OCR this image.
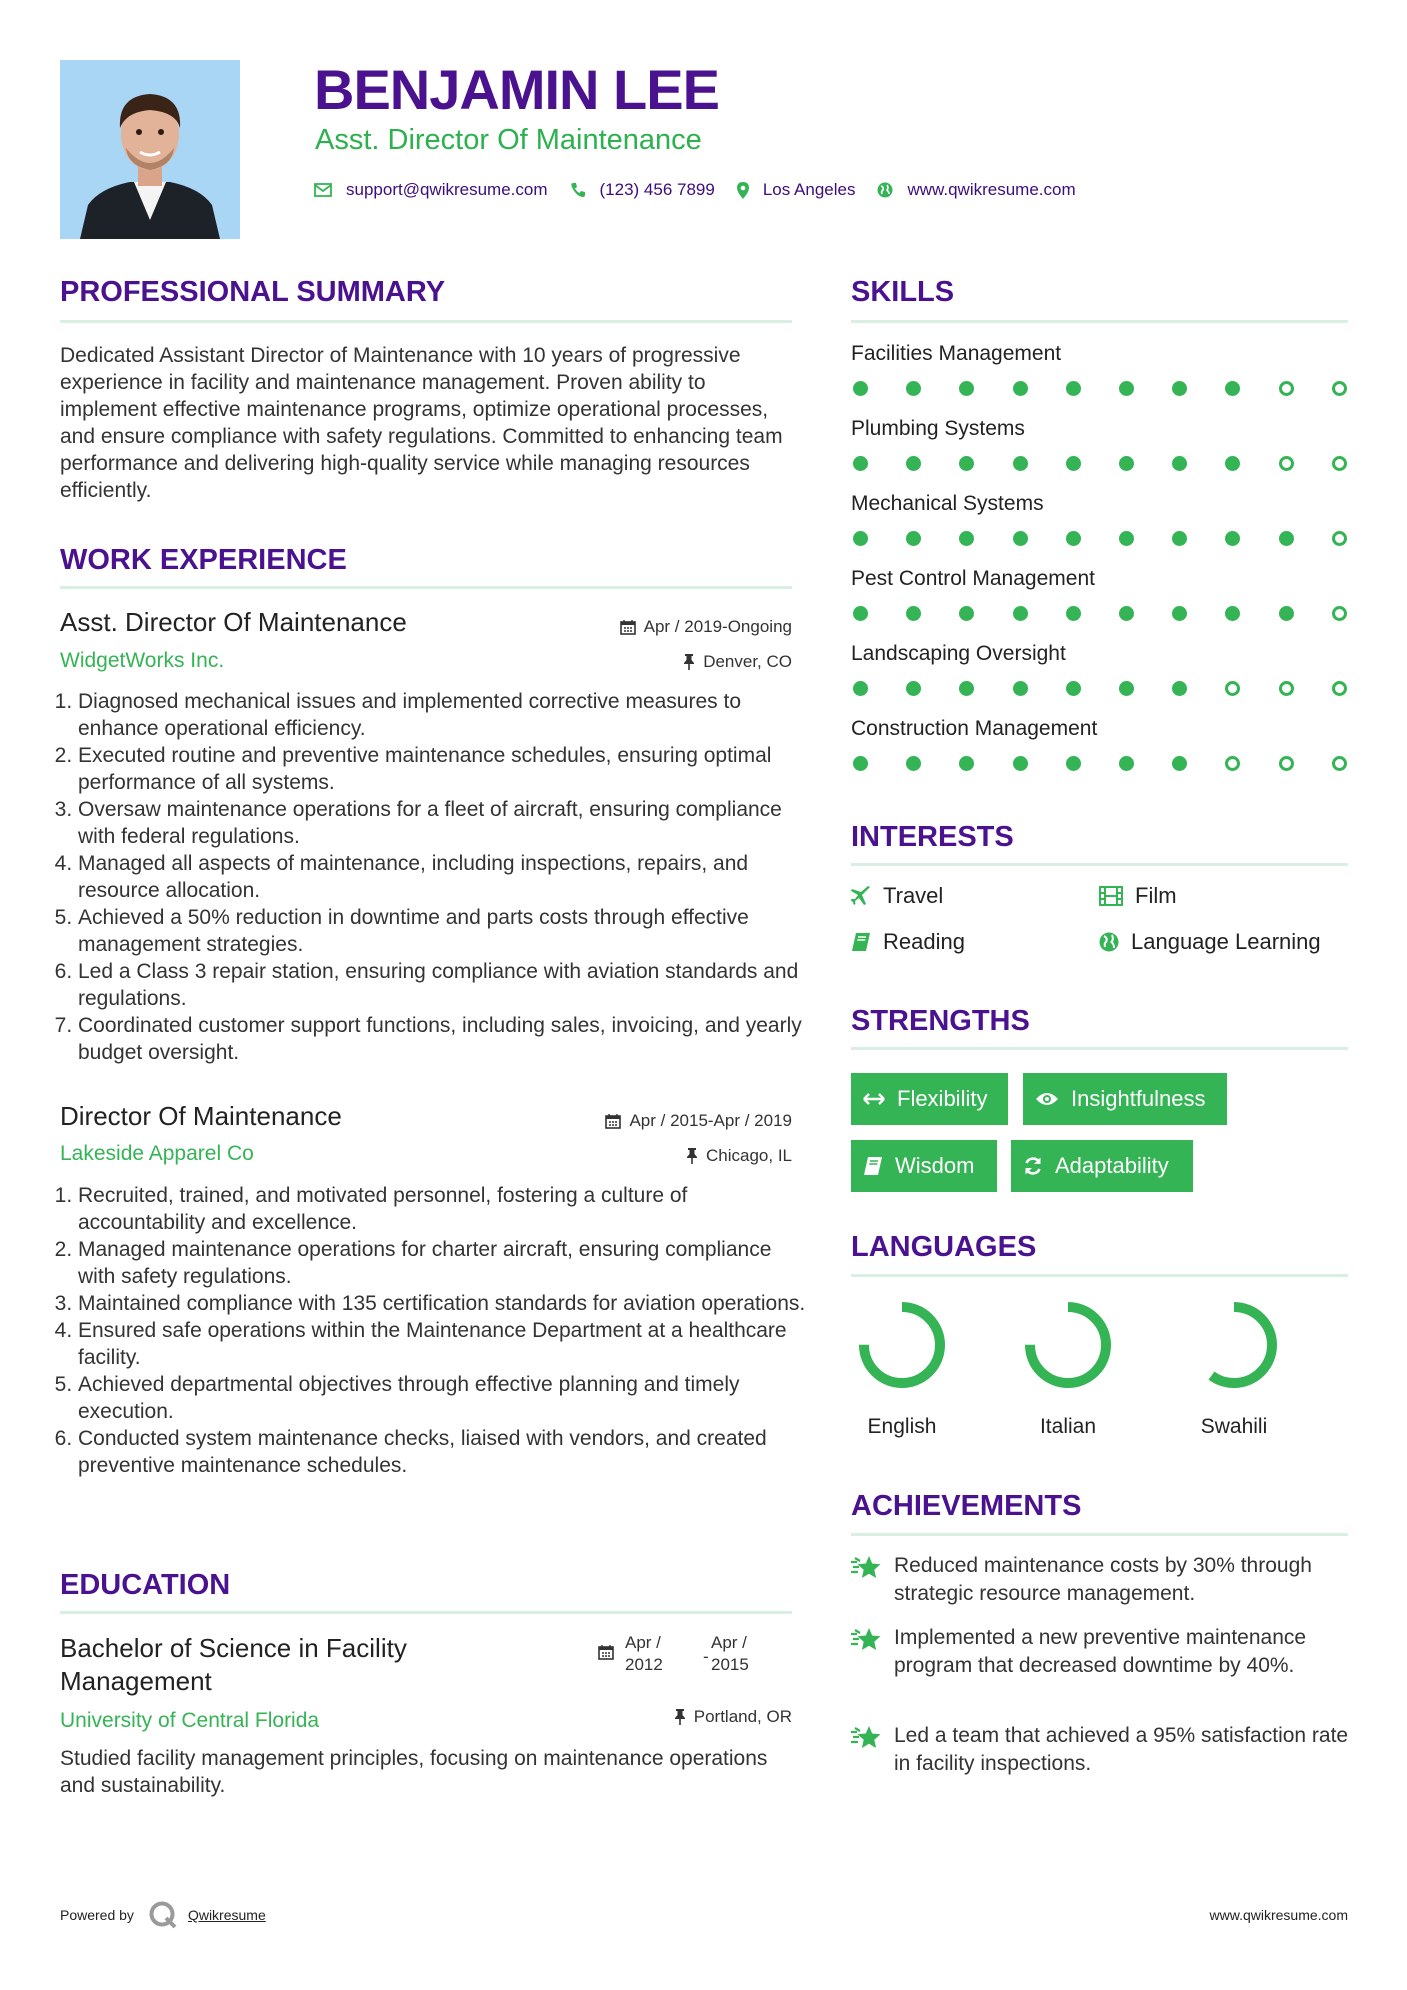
BENJAMIN LEE
Asst. Director Of Maintenance
support@qwikresume.com	(123) 456 7899	Los Angeles	www.qwikresume.com
PROFESSIONAL SUMMARY
Dedicated Assistant Director of Maintenance with 10 years of progressive experience in facility and maintenance management. Proven ability to implement effective maintenance programs, optimize operational processes, and ensure compliance with safety regulations. Committed to enhancing team performance and delivering high-quality service while managing resources efficiently.
WORK EXPERIENCE
Asst. Director Of Maintenance	Apr / 2019-Ongoing
WidgetWorks Inc.	Denver, CO
1. Diagnosed mechanical issues and implemented corrective measures to enhance operational efficiency.
2. Executed routine and preventive maintenance schedules, ensuring optimal performance of all systems.
3. Oversaw maintenance operations for a fleet of aircraft, ensuring compliance with federal regulations.
4. Managed all aspects of maintenance, including inspections, repairs, and resource allocation.
5. Achieved a 50% reduction in downtime and parts costs through effective management strategies.
6. Led a Class 3 repair station, ensuring compliance with aviation standards and regulations.
7. Coordinated customer support functions, including sales, invoicing, and yearly budget oversight.
Director Of Maintenance	Apr / 2015-Apr / 2019
Lakeside Apparel Co	Chicago, IL
1. Recruited, trained, and motivated personnel, fostering a culture of accountability and excellence.
2. Managed maintenance operations for charter aircraft, ensuring compliance with safety regulations.
3. Maintained compliance with 135 certification standards for aviation operations.
4. Ensured safe operations within the Maintenance Department at a healthcare facility.
5. Achieved departmental objectives through effective planning and timely execution.
6. Conducted system maintenance checks, liaised with vendors, and created preventive maintenance schedules.
EDUCATION
Bachelor of Science in Facility Management
Apr / 2012	-
Apr / 2015
University of Central Florida	Portland, OR
Studied facility management principles, focusing on maintenance operations and sustainability.
SKILLS
Facilities Management
Plumbing Systems
Mechanical Systems
Pest Control Management
Landscaping Oversight
Construction Management
INTERESTS
Travel	Film
Reading	Language Learning
STRENGTHS
Flexibility	Insightfulness
Wisdom	Adaptability
LANGUAGES
English	Italian	Swahili
ACHIEVEMENTS
Reduced maintenance costs by 30% through strategic resource management.
Implemented a new preventive maintenance program that decreased downtime by 40%.
Led a team that achieved a 95% satisfaction rate in facility inspections.
Powered by	Qwikresume	www.qwikresume.com
